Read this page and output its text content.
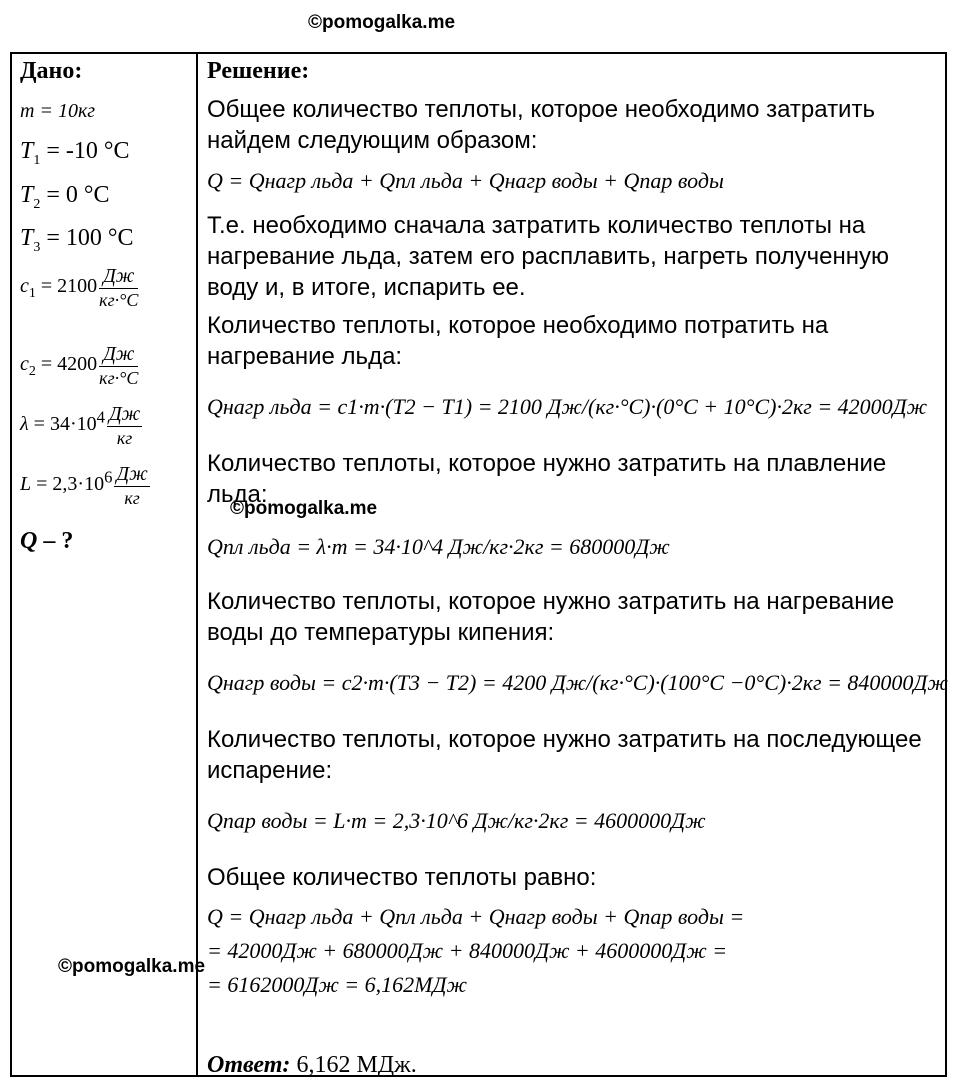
©pomogalka.me
Дано:
m = 10кг
$T_1 = -10$ °C
$T_2 = 0$ °C
$T_3 = 100$ °C
$c_1 = 2100 \frac{Дж}{кг\cdot^\circ C}$
$c_2 = 4200 \frac{Дж}{кг\cdot^\circ C}$
$\lambda = 34\cdot 10^4 \frac{Дж}{кг}$
$L = 2,3\cdot 10^6 \frac{Дж}{кг}$
Q – ?
Решение:
Общее количество теплоты, которое необходимо затратить найдем следующим образом:
Q = Qнагр льда + Qпл льда + Qнагр воды + Qпар воды
Т.е. необходимо сначала затратить количество теплоты на нагревание льда, затем его расплавить, нагреть полученную воду и, в итоге, испарить ее.
Количество теплоты, которое необходимо потратить на нагревание льда:
Qнагр льда = c1·m·(T2 − T1) = 2100 Дж/(кг·°C)·(0°C + 10°C)·2кг = 42000Дж
Количество теплоты, которое нужно затратить на плавление льда:
Qпл льда = λ·m = 34·10^4 Дж/кг·2кг = 680000Дж
Количество теплоты, которое нужно затратить на нагревание воды до температуры кипения:
Qнагр воды = c2·m·(T3 − T2) = 4200 Дж/(кг·°C)·(100°C −0°C)·2кг = 840000Дж
Количество теплоты, которое нужно затратить на последующее испарение:
Qпар воды = L·m = 2,3·10^6 Дж/кг·2кг = 4600000Дж
Общее количество теплоты равно:
Q = Qнагр льда + Qпл льда + Qнагр воды + Qпар воды =
= 42000Дж + 680000Дж + 840000Дж + 4600000Дж =
= 6162000Дж = 6,162МДж
Ответ: 6,162 МДж.
©pomogalka.me
©pomogalka.me
